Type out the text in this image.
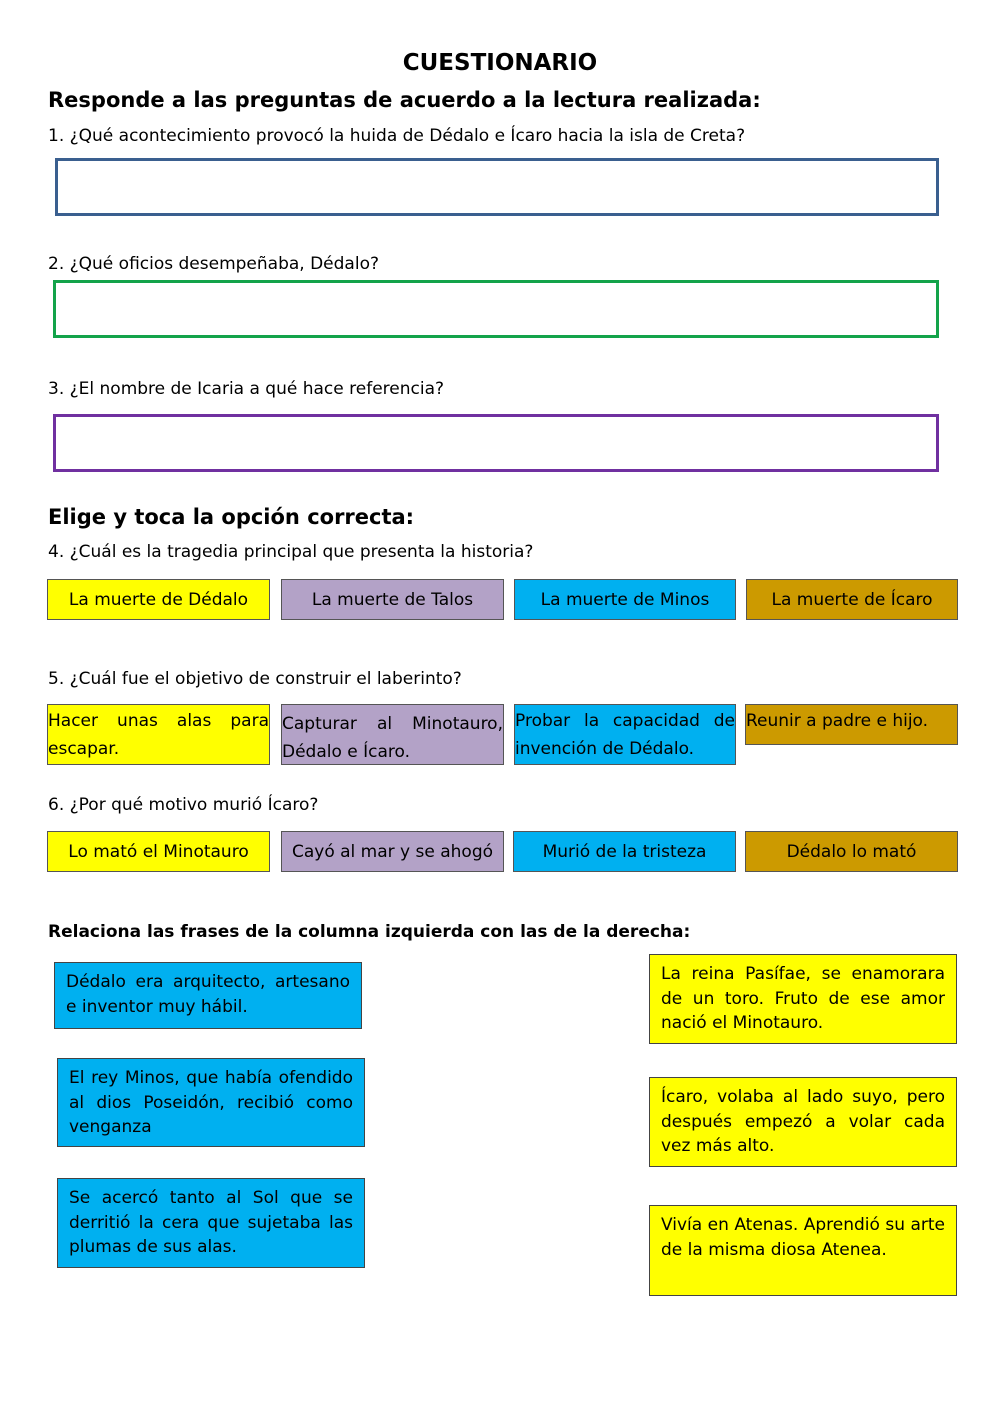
CUESTIONARIO
Responde a las preguntas de acuerdo a la lectura realizada:
1. ¿Qué acontecimiento provocó la huida de Dédalo e Ícaro hacia la isla de Creta?
2. ¿Qué oficios desempeñaba, Dédalo?
3. ¿El nombre de Icaria a qué hace referencia?
Elige y toca la opción correcta:
4. ¿Cuál es la tragedia principal que presenta la historia?
La muerte de Dédalo	La muerte de Talos	La muerte de Minos	La muerte de Ícaro
5. ¿Cuál fue el objetivo de construir el laberinto?
Hacer unas alas para escapar.
Capturar al Minotauro, Dédalo e Ícaro.
Probar la capacidad de invención de Dédalo.
Reunir a padre e hijo.
6. ¿Por qué motivo murió Ícaro?
Lo mató el Minotauro	Cayó al mar y se ahogó	Murió de la tristeza	Dédalo lo mató
Relaciona las frases de la columna izquierda con las de la derecha:
Dédalo era arquitecto, artesano e inventor muy hábil.
El rey Minos, que había ofendido al dios Poseidón, recibió como venganza
Se acercó tanto al Sol que se derritió la cera que sujetaba las plumas de sus alas.
La reina Pasífae, se enamorara de un toro. Fruto de ese amor nació el Minotauro.
Ícaro, volaba al lado suyo, pero después empezó a volar cada vez más alto.
Vivía en Atenas. Aprendió su arte de la misma diosa Atenea.
